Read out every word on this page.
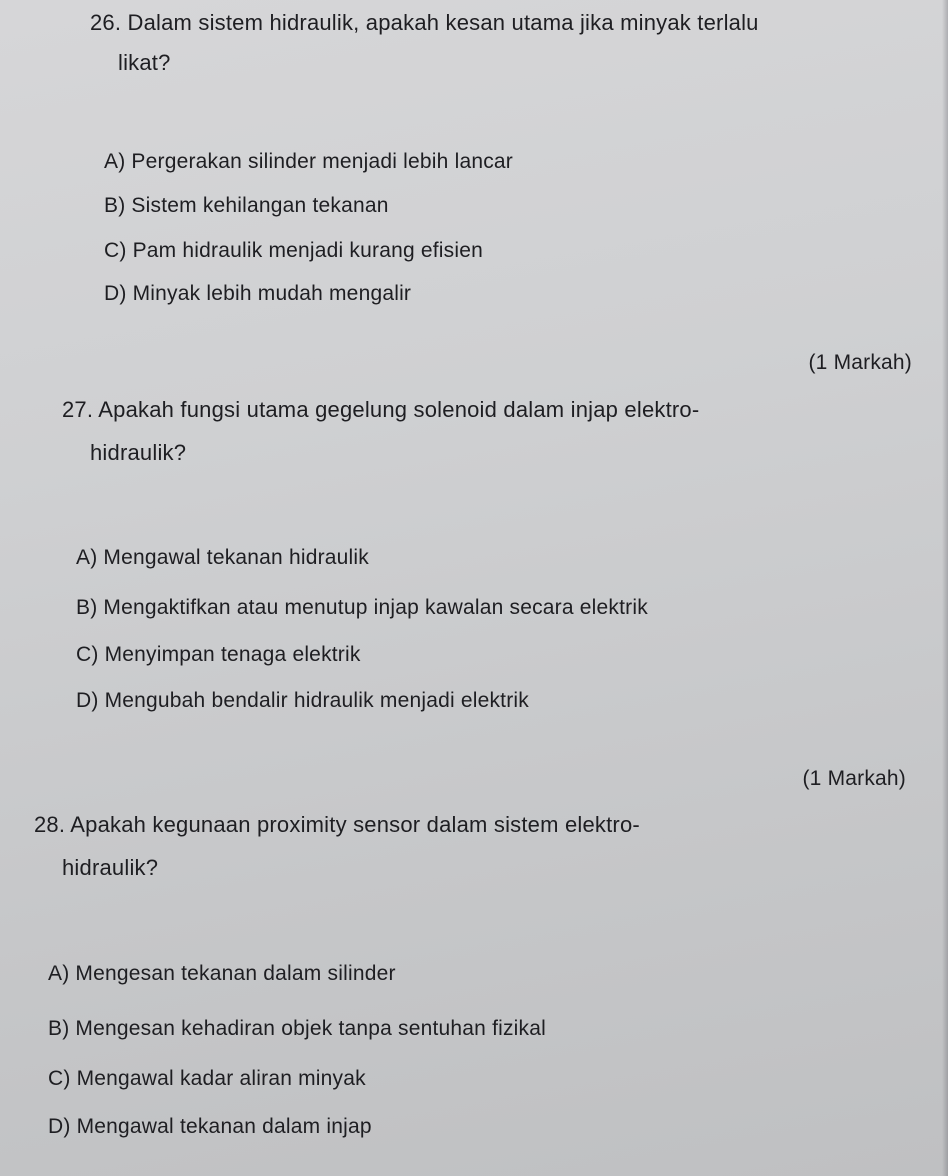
26. Dalam sistem hidraulik, apakah kesan utama jika minyak terlalu
likat?
A) Pergerakan silinder menjadi lebih lancar
B) Sistem kehilangan tekanan
C) Pam hidraulik menjadi kurang efisien
D) Minyak lebih mudah mengalir
(1 Markah)
27. Apakah fungsi utama gegelung solenoid dalam injap elektro-
hidraulik?
A) Mengawal tekanan hidraulik
B) Mengaktifkan atau menutup injap kawalan secara elektrik
C) Menyimpan tenaga elektrik
D) Mengubah bendalir hidraulik menjadi elektrik
(1 Markah)
28. Apakah kegunaan proximity sensor dalam sistem elektro-
hidraulik?
A) Mengesan tekanan dalam silinder
B) Mengesan kehadiran objek tanpa sentuhan fizikal
C) Mengawal kadar aliran minyak
D) Mengawal tekanan dalam injap
